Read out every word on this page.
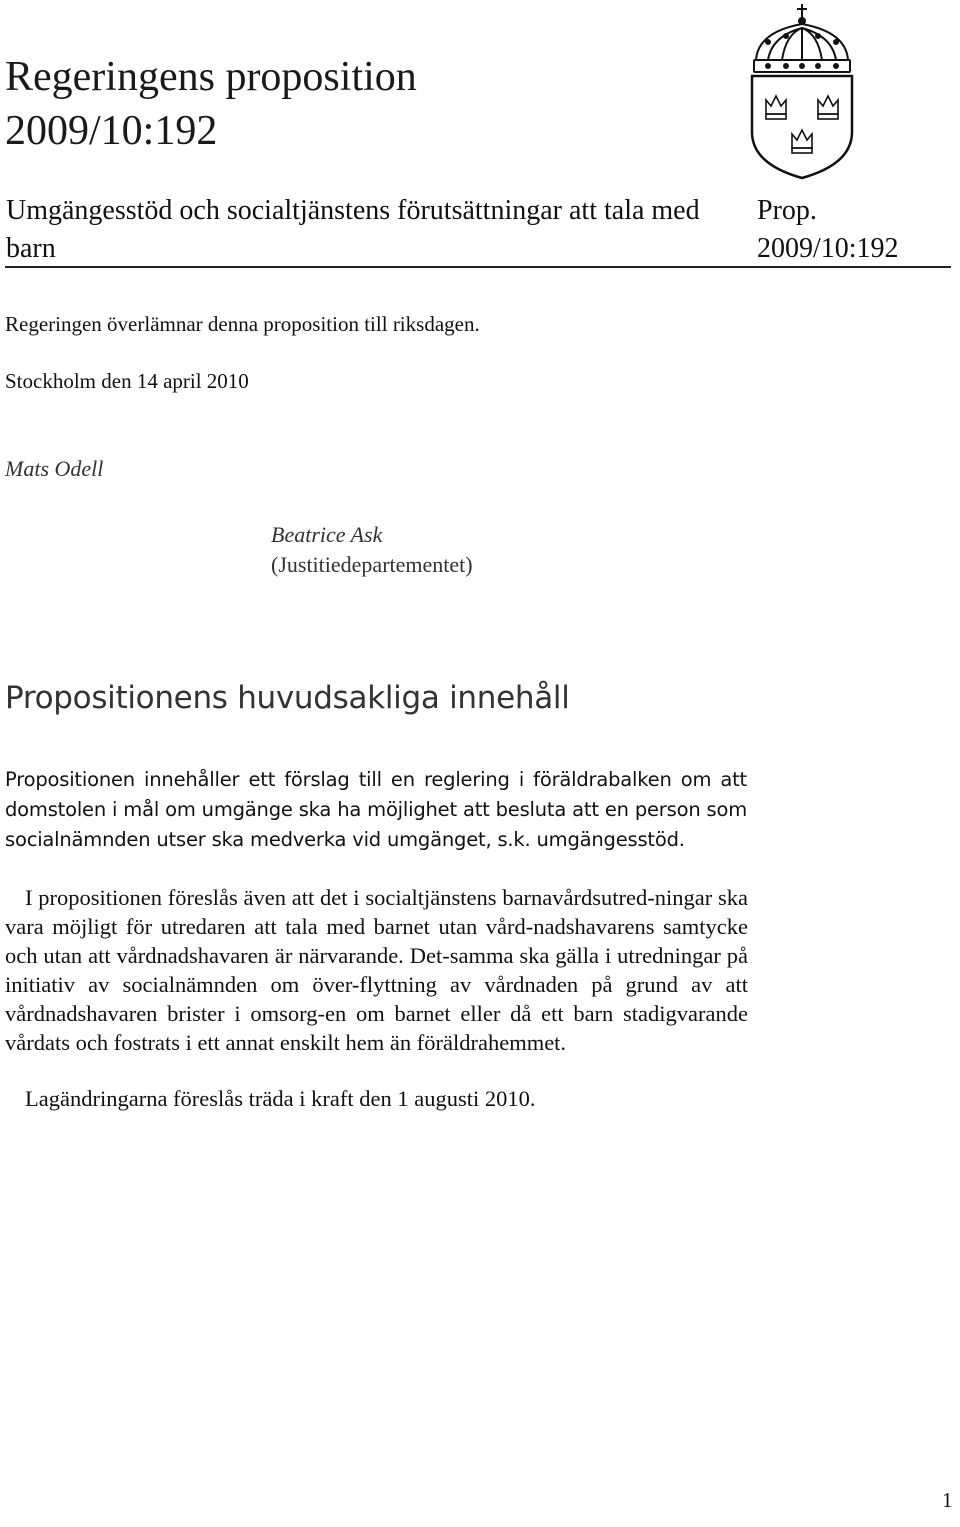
Regeringens proposition
2009/10:192
Umgängesstöd och socialtjänstens förutsättningar att tala med barn
Prop.
2009/10:192
Regeringen överlämnar denna proposition till riksdagen.
Stockholm den 14 april 2010
Mats Odell
Beatrice Ask
(Justitiedepartementet)
Propositionens huvudsakliga innehåll
Propositionen innehåller ett förslag till en reglering i föräldrabalken om att domstolen i mål om umgänge ska ha möjlighet att besluta att en person som socialnämnden utser ska medverka vid umgänget, s.k. umgängesstöd.
I propositionen föreslås även att det i socialtjänstens barnavårdsutred-ningar ska vara möjligt för utredaren att tala med barnet utan vård-nadshavarens samtycke och utan att vårdnadshavaren är närvarande. Det-samma ska gälla i utredningar på initiativ av socialnämnden om över-flyttning av vårdnaden på grund av att vårdnadshavaren brister i omsorg-en om barnet eller då ett barn stadigvarande vårdats och fostrats i ett annat enskilt hem än föräldrahemmet.
Lagändringarna föreslås träda i kraft den 1 augusti 2010.
1
